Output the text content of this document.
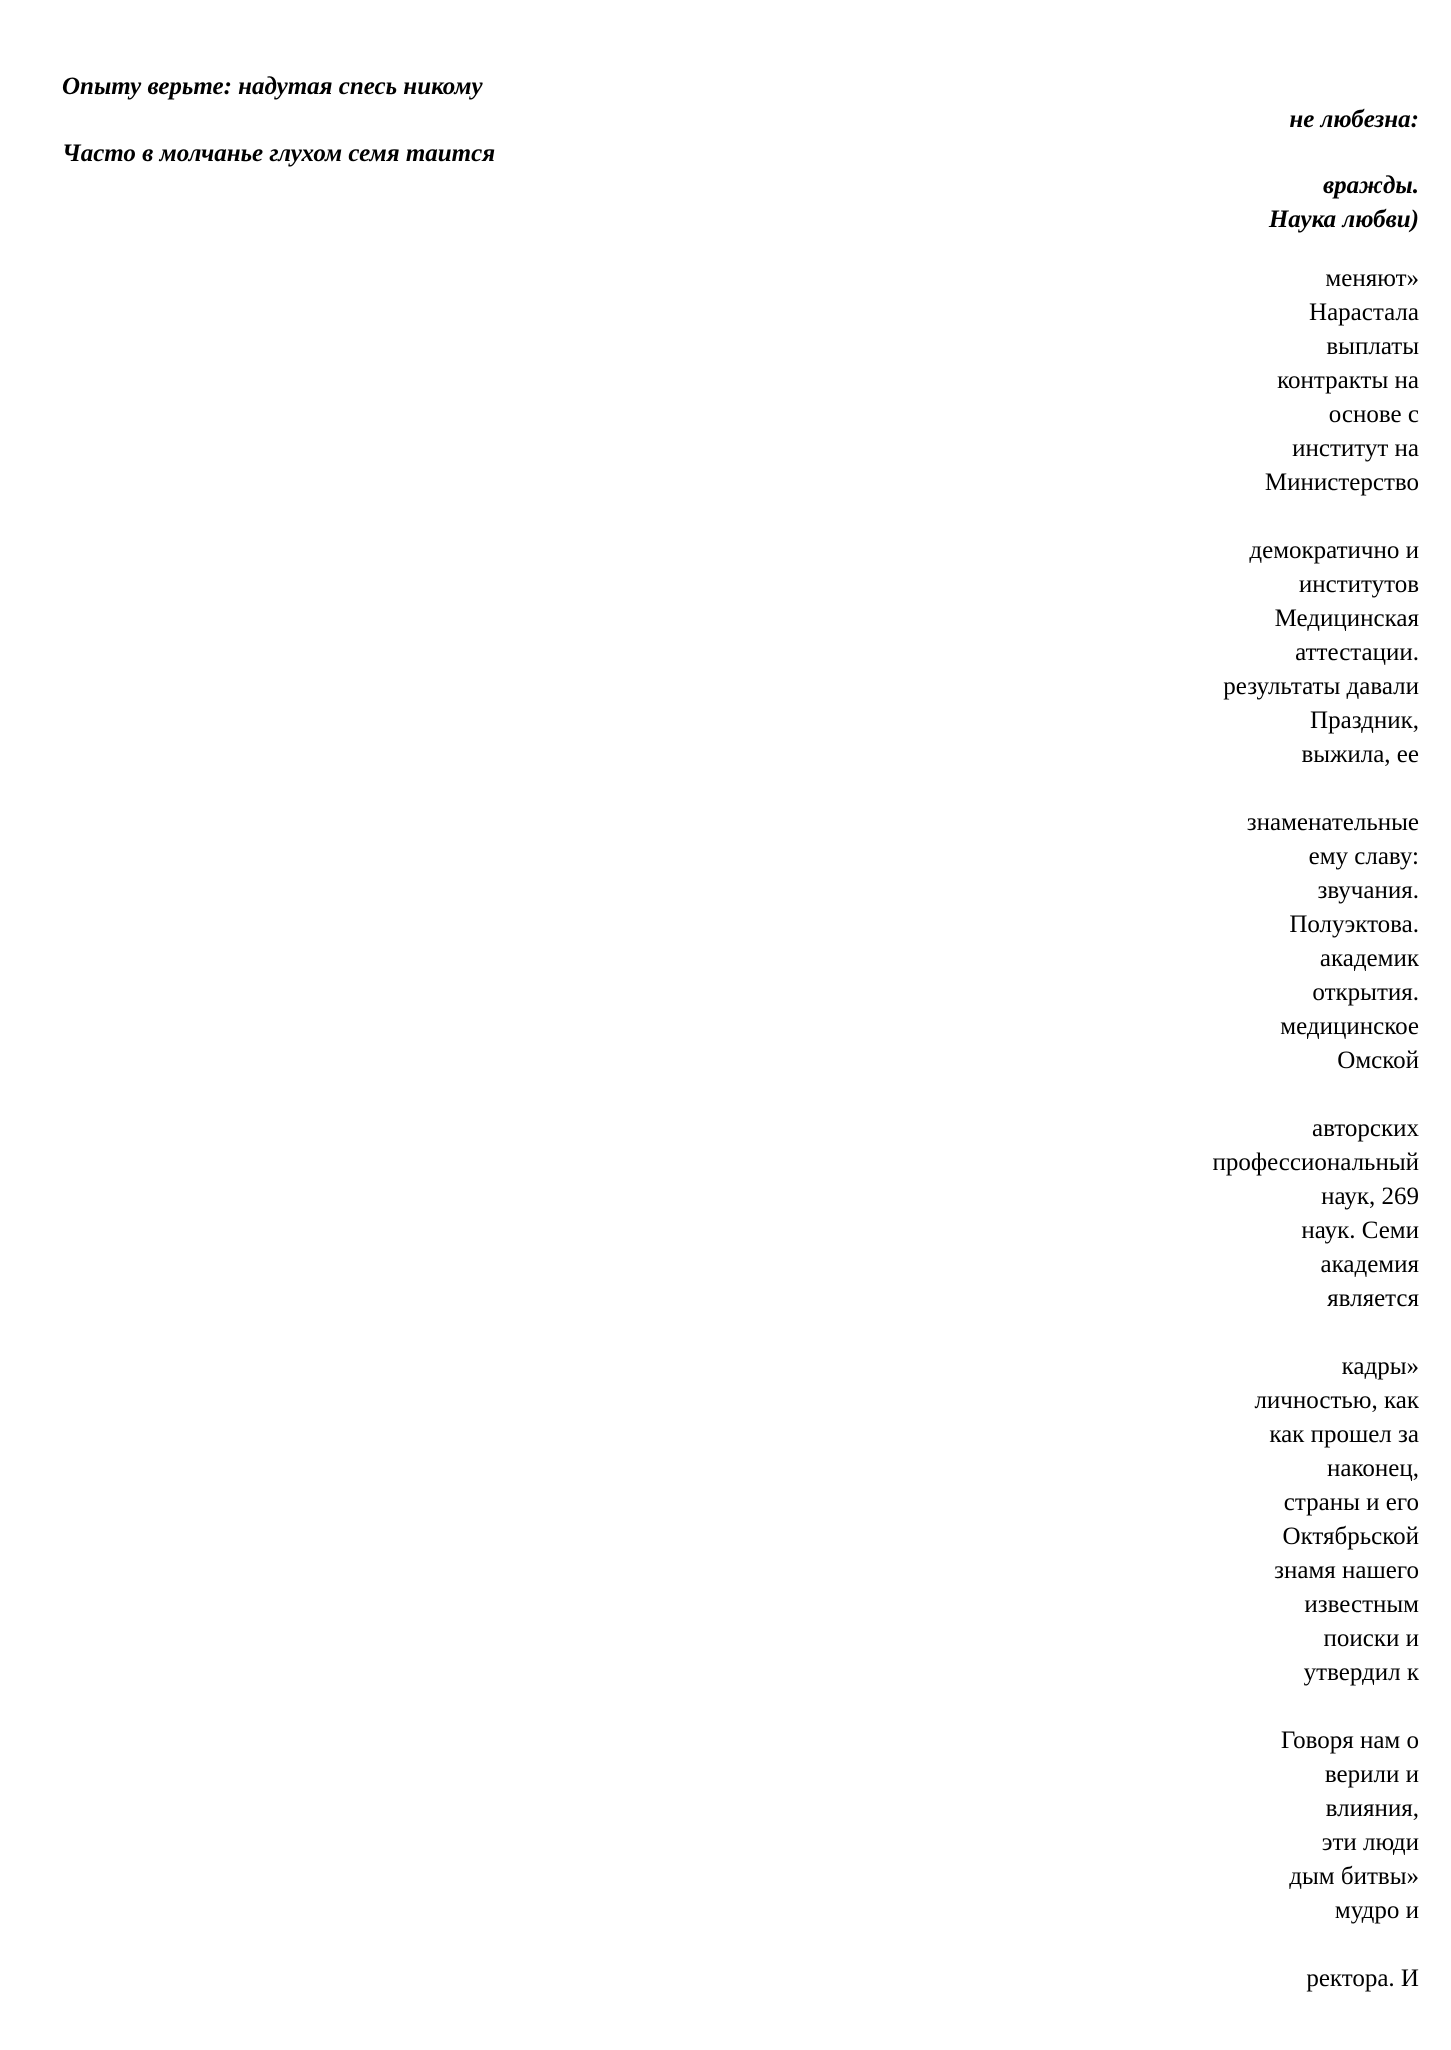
Опыту верьте: надутая спесь никому
не любезна:
Часто в молчанье глухом семя таится
вражды.
Наука любви)
меняют»
Нарастала
выплаты
контракты на
основе с
институт на
Министерство
демократично и
институтов
Медицинская
аттестации.
результаты давали
Праздник,
выжила, ее
знаменательные
ему славу:
звучания.
Полуэктова.
академик
открытия.
медицинское
Омской
авторских
профессиональный
наук, 269
наук. Семи
академия
является
кадры»
личностью, как
как прошел за
наконец,
страны и его
Октябрьской
знамя нашего
известным
поиски и
утвердил к
Говоря нам о
верили и
влияния,
эти люди
дым битвы»
мудро и
ректора. И
